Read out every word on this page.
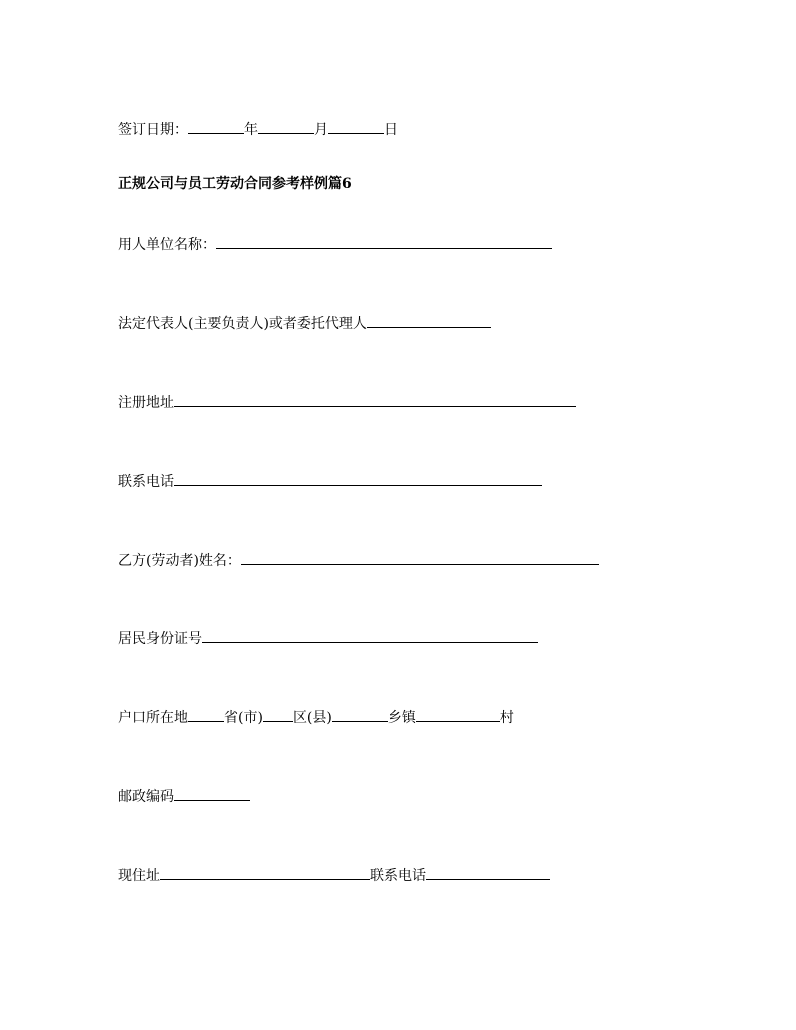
签订日期：	年	月	日
正规公司与员工劳动合同参考样例篇6
用人单位名称：
法定代表人(主要负责人)或者委托代理人
注册地址
联系电话
乙方(劳动者)姓名：
居民身份证号
户口所在地	省(市) 区(县)	乡镇	村
邮政编码
现住址	联系电话
